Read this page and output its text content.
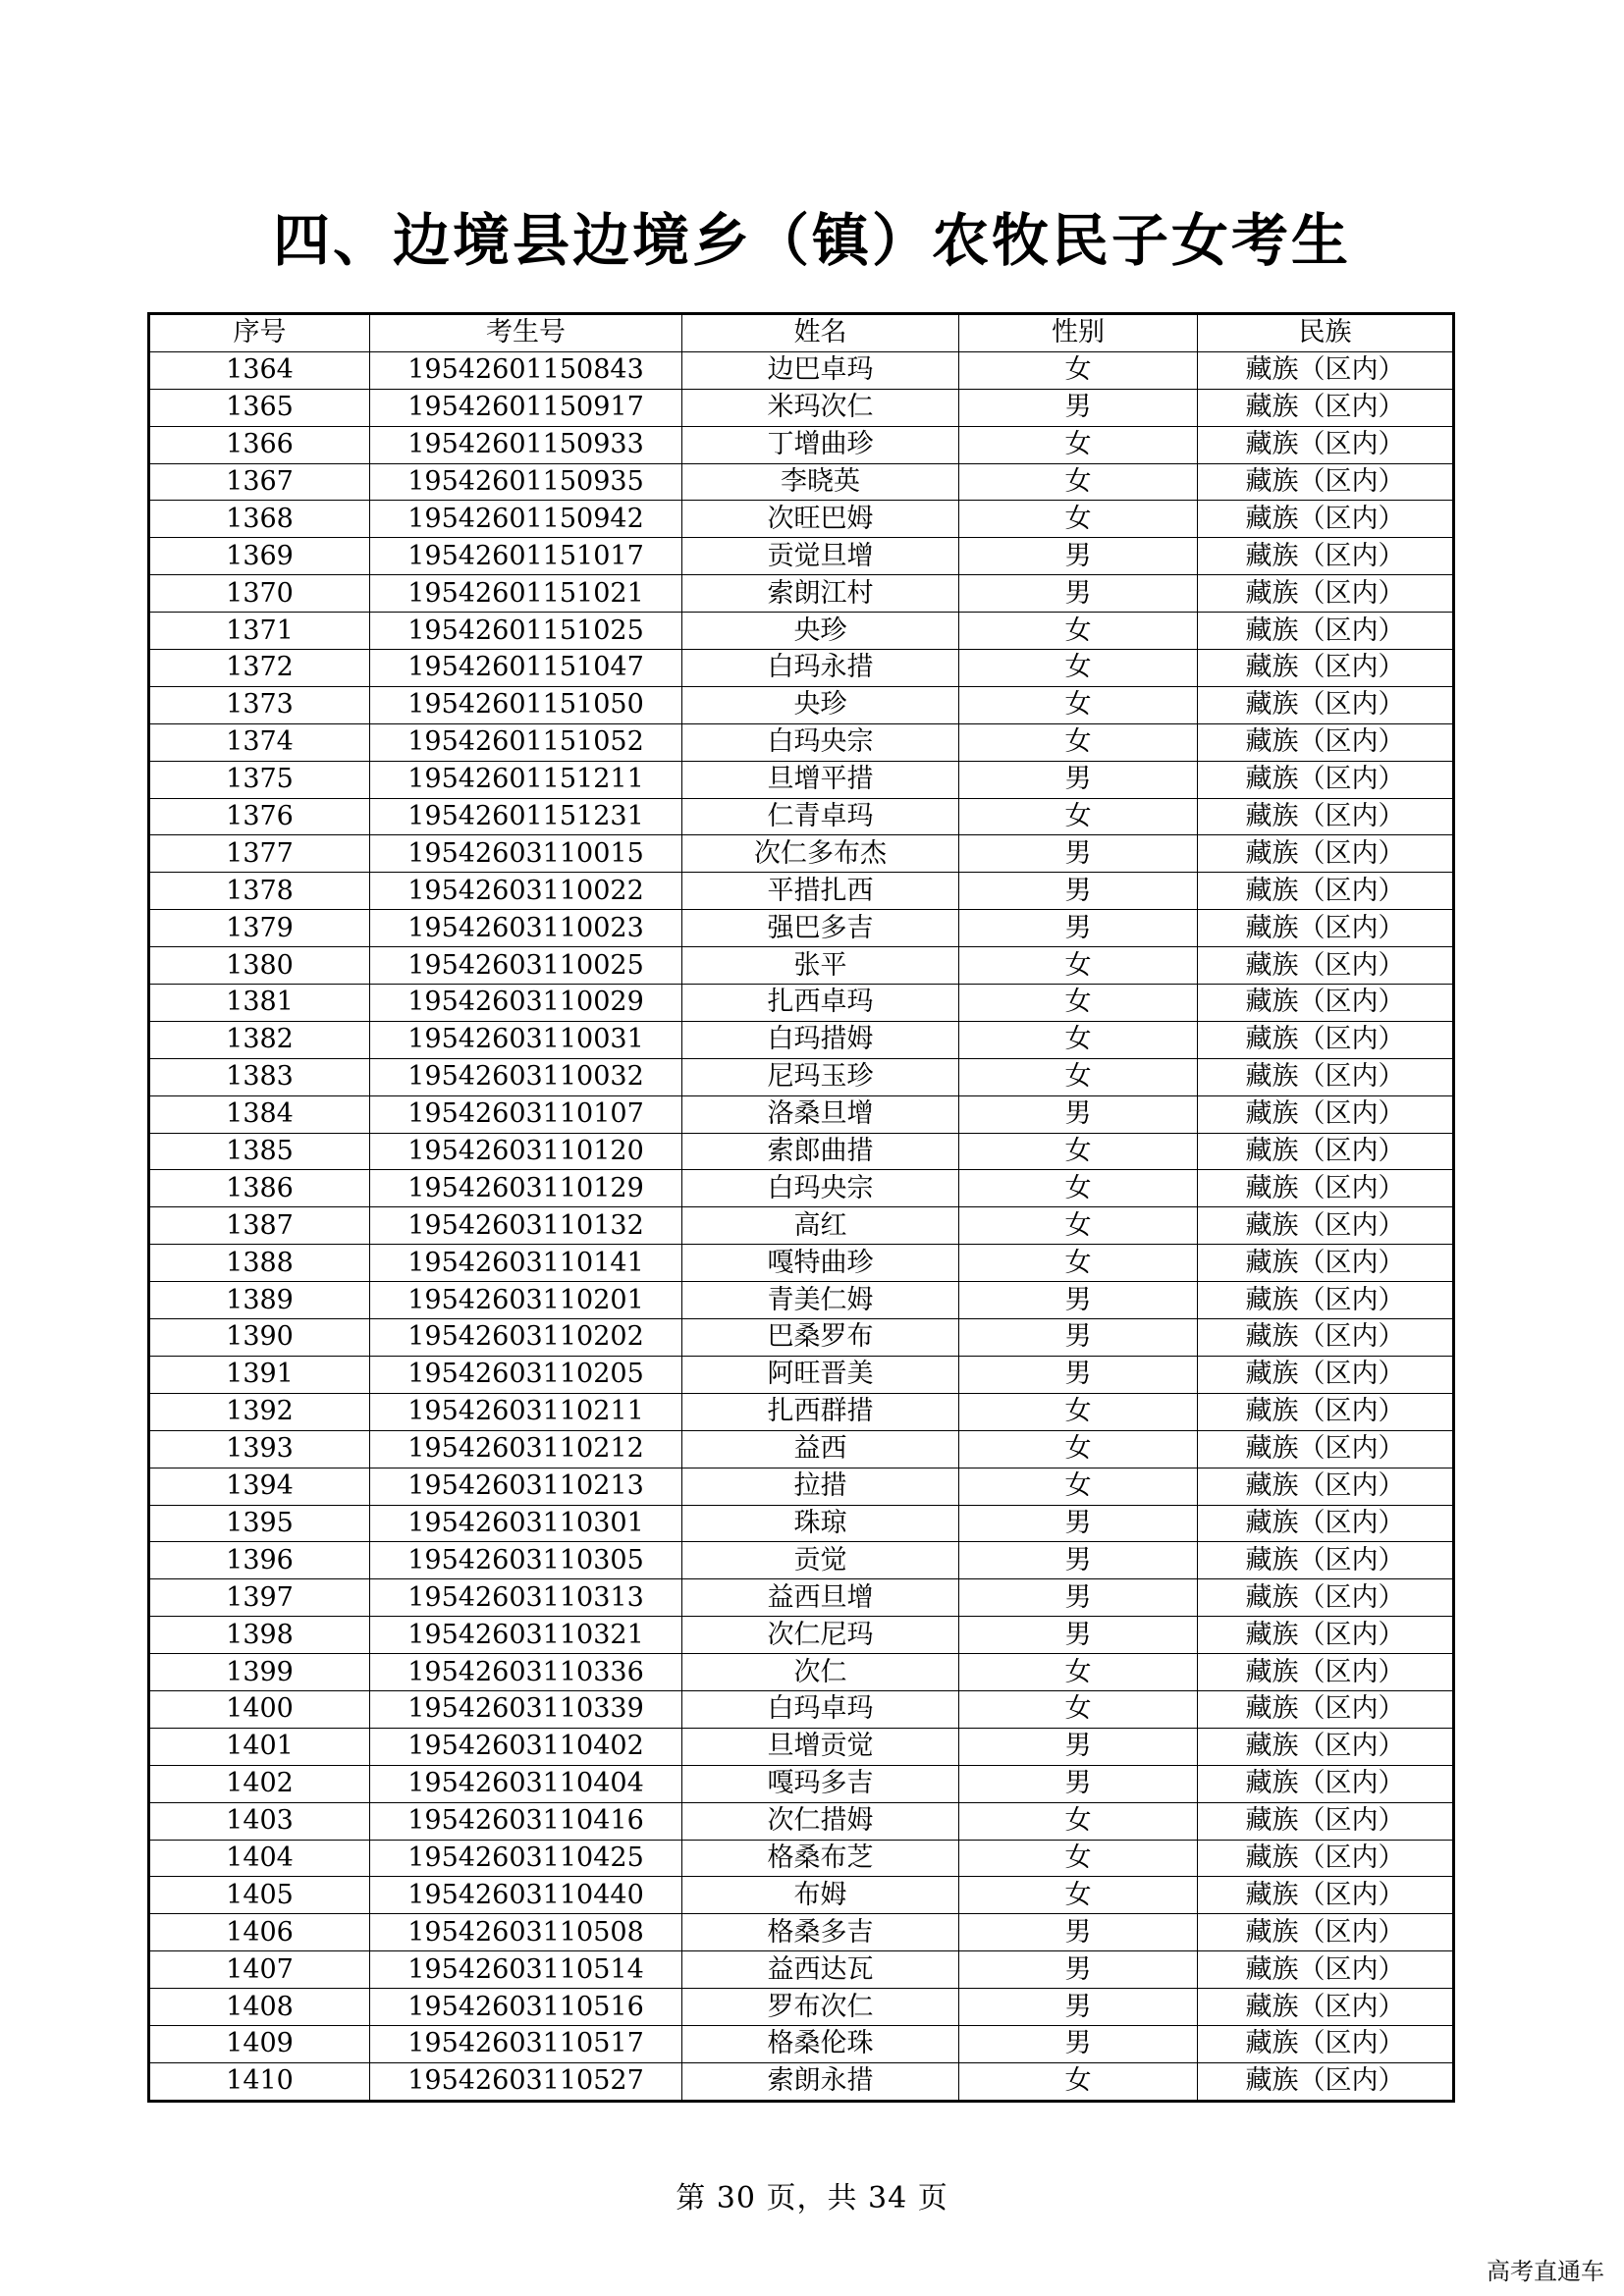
四、边境县边境乡（镇）农牧民子女考生
序号	考生号	姓名	性别	民族
1364	19542601150843	边巴卓玛	女	藏族（区内）
1365	19542601150917	米玛次仁	男	藏族（区内）
1366	19542601150933	丁增曲珍	女	藏族（区内）
1367	19542601150935	李晓英	女	藏族（区内）
1368	19542601150942	次旺巴姆	女	藏族（区内）
1369	19542601151017	贡觉旦增	男	藏族（区内）
1370	19542601151021	索朗江村	男	藏族（区内）
1371	19542601151025	央珍	女	藏族（区内）
1372	19542601151047	白玛永措	女	藏族（区内）
1373	19542601151050	央珍	女	藏族（区内）
1374	19542601151052	白玛央宗	女	藏族（区内）
1375	19542601151211	旦增平措	男	藏族（区内）
1376	19542601151231	仁青卓玛	女	藏族（区内）
1377	19542603110015	次仁多布杰	男	藏族（区内）
1378	19542603110022	平措扎西	男	藏族（区内）
1379	19542603110023	强巴多吉	男	藏族（区内）
1380	19542603110025	张平	女	藏族（区内）
1381	19542603110029	扎西卓玛	女	藏族（区内）
1382	19542603110031	白玛措姆	女	藏族（区内）
1383	19542603110032	尼玛玉珍	女	藏族（区内）
1384	19542603110107	洛桑旦增	男	藏族（区内）
1385	19542603110120	索郎曲措	女	藏族（区内）
1386	19542603110129	白玛央宗	女	藏族（区内）
1387	19542603110132	高红	女	藏族（区内）
1388	19542603110141	嘎特曲珍	女	藏族（区内）
1389	19542603110201	青美仁姆	男	藏族（区内）
1390	19542603110202	巴桑罗布	男	藏族（区内）
1391	19542603110205	阿旺晋美	男	藏族（区内）
1392	19542603110211	扎西群措	女	藏族（区内）
1393	19542603110212	益西	女	藏族（区内）
1394	19542603110213	拉措	女	藏族（区内）
1395	19542603110301	珠琼	男	藏族（区内）
1396	19542603110305	贡觉	男	藏族（区内）
1397	19542603110313	益西旦增	男	藏族（区内）
1398	19542603110321	次仁尼玛	男	藏族（区内）
1399	19542603110336	次仁	女	藏族（区内）
1400	19542603110339	白玛卓玛	女	藏族（区内）
1401	19542603110402	旦增贡觉	男	藏族（区内）
1402	19542603110404	嘎玛多吉	男	藏族（区内）
1403	19542603110416	次仁措姆	女	藏族（区内）
1404	19542603110425	格桑布芝	女	藏族（区内）
1405	19542603110440	布姆	女	藏族（区内）
1406	19542603110508	格桑多吉	男	藏族（区内）
1407	19542603110514	益西达瓦	男	藏族（区内）
1408	19542603110516	罗布次仁	男	藏族（区内）
1409	19542603110517	格桑伦珠	男	藏族（区内）
1410	19542603110527	索朗永措	女	藏族（区内）
第 30 页，共 34 页
高考直通车
